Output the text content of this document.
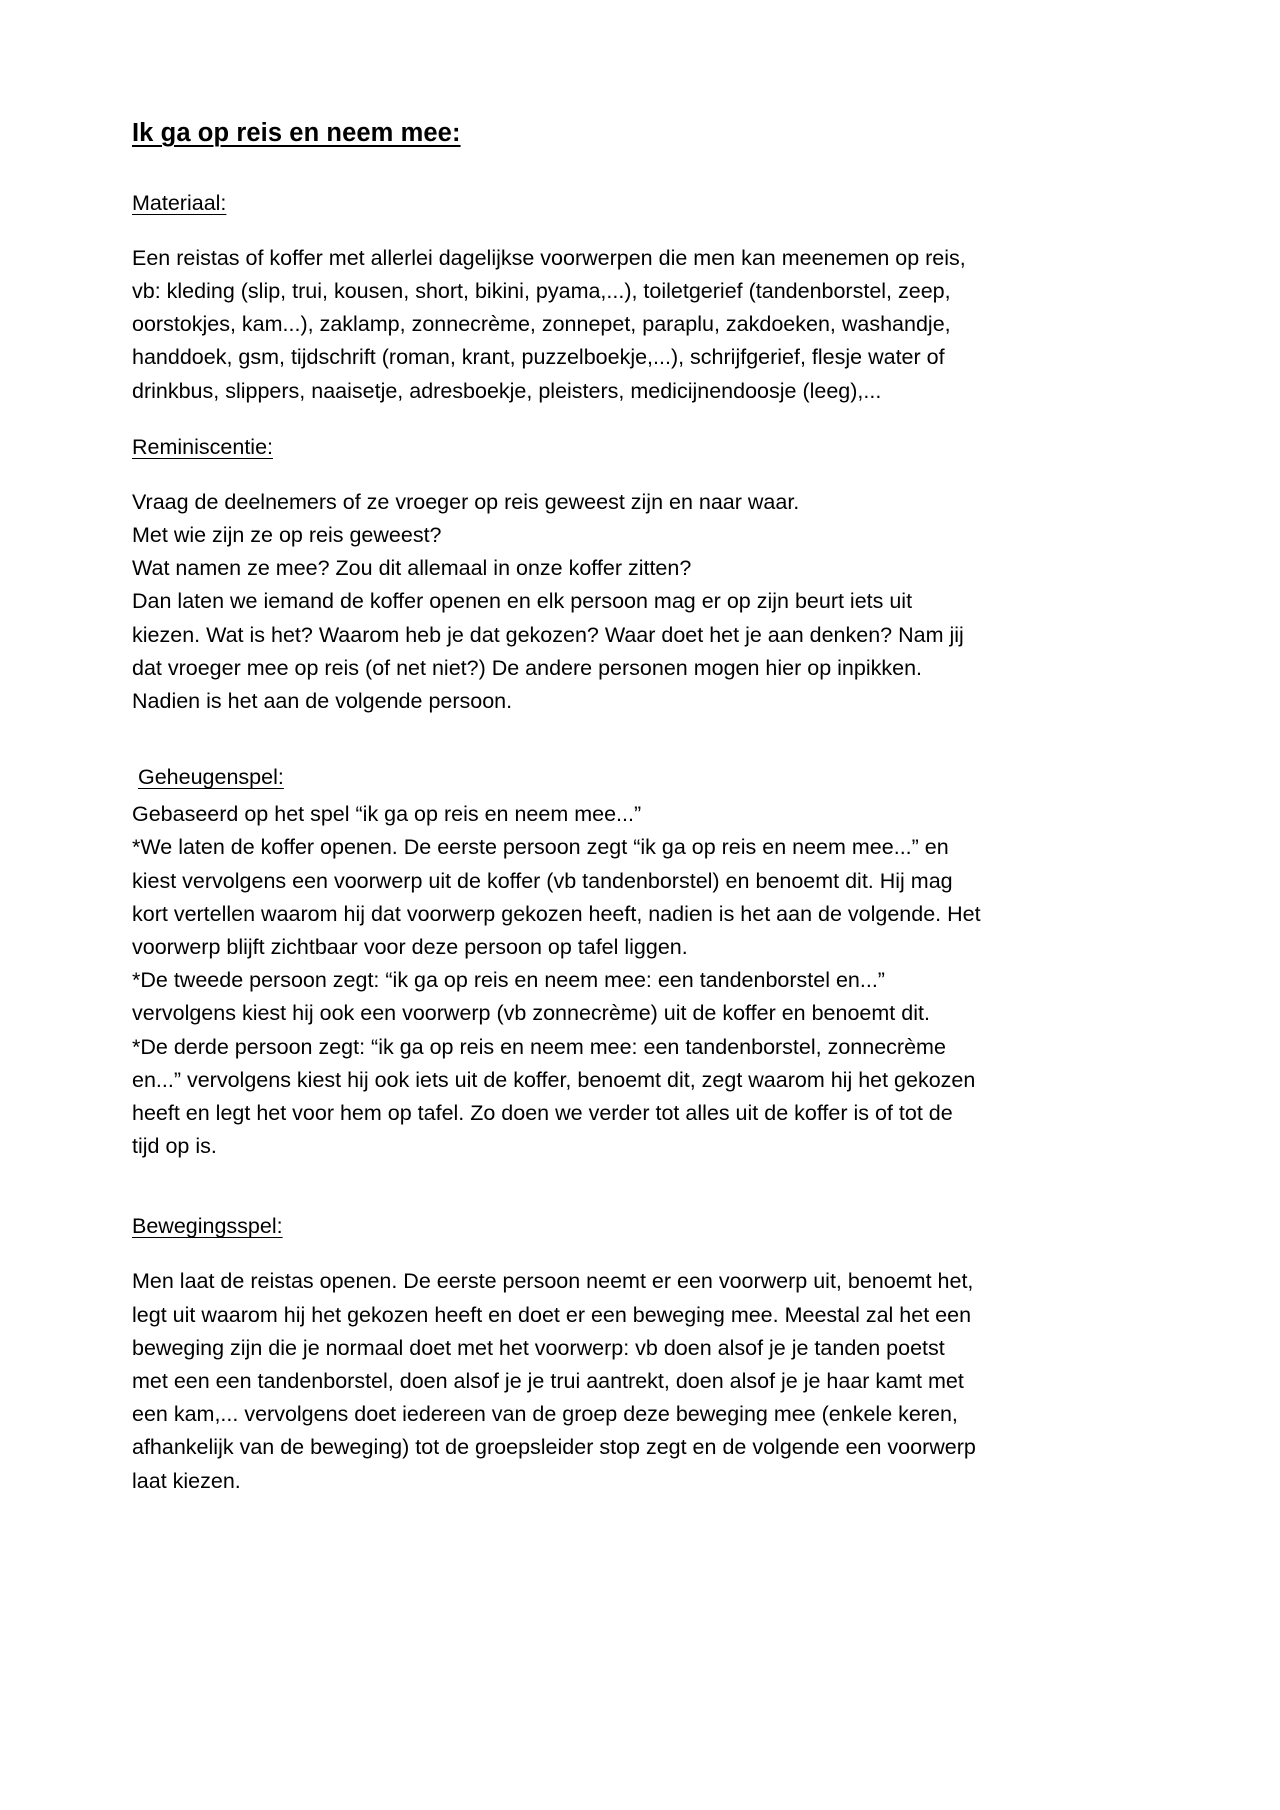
Ik ga op reis en neem mee:
Materiaal:

Een reistas of koffer met allerlei dagelijkse voorwerpen die men kan meenemen op reis, vb: kleding (slip, trui, kousen, short, bikini, pyama,...), toiletgerief (tandenborstel, zeep, oorstokjes, kam...), zaklamp, zonnecrème, zonnepet, paraplu, zakdoeken, washandje, handdoek, gsm, tijdschrift (roman, krant, puzzelboekje,...), schrijfgerief, flesje water of drinkbus, slippers, naaisetje, adresboekje, pleisters, medicijnendoosje (leeg),...

Reminiscentie:
Vraag de deelnemers of ze vroeger op reis geweest zijn en naar waar.
Met wie zijn ze op reis geweest?
Wat namen ze mee? Zou dit allemaal in onze koffer zitten?
Dan laten we iemand de koffer openen en elk persoon mag er op zijn beurt iets uit kiezen. Wat is het? Waarom heb je dat gekozen? Waar doet het je aan denken? Nam jij dat vroeger mee op reis (of net niet?) De andere personen mogen hier op inpikken.
Nadien is het aan de volgende persoon.
Geheugenspel:
Gebaseerd op het spel “ik ga op reis en neem mee...”
*We laten de koffer openen. De eerste persoon zegt “ik ga op reis en neem mee...” en kiest vervolgens een voorwerp uit de koffer (vb tandenborstel) en benoemt dit. Hij mag kort vertellen waarom hij dat voorwerp gekozen heeft, nadien is het aan de volgende. Het voorwerp blijft zichtbaar voor deze persoon op tafel liggen.
*De tweede persoon zegt: “ik ga op reis en neem mee: een tandenborstel en...” vervolgens kiest hij ook een voorwerp (vb zonnecrème) uit de koffer en benoemt dit.
*De derde persoon zegt: “ik ga op reis en neem mee: een tandenborstel, zonnecrème en...” vervolgens kiest hij ook iets uit de koffer, benoemt dit, zegt waarom hij het gekozen heeft en legt het voor hem op tafel. Zo doen we verder tot alles uit de koffer is of tot de tijd op is.
Bewegingsspel:

Men laat de reistas openen. De eerste persoon neemt er een voorwerp uit, benoemt het, legt uit waarom hij het gekozen heeft en doet er een beweging mee. Meestal zal het een beweging zijn die je normaal doet met het voorwerp: vb doen alsof je je tanden poetst met een een tandenborstel, doen alsof je je trui aantrekt, doen alsof je je haar kamt met een kam,... vervolgens doet iedereen van de groep deze beweging mee (enkele keren, afhankelijk van de beweging) tot de groepsleider stop zegt en de volgende een voorwerp laat kiezen.
